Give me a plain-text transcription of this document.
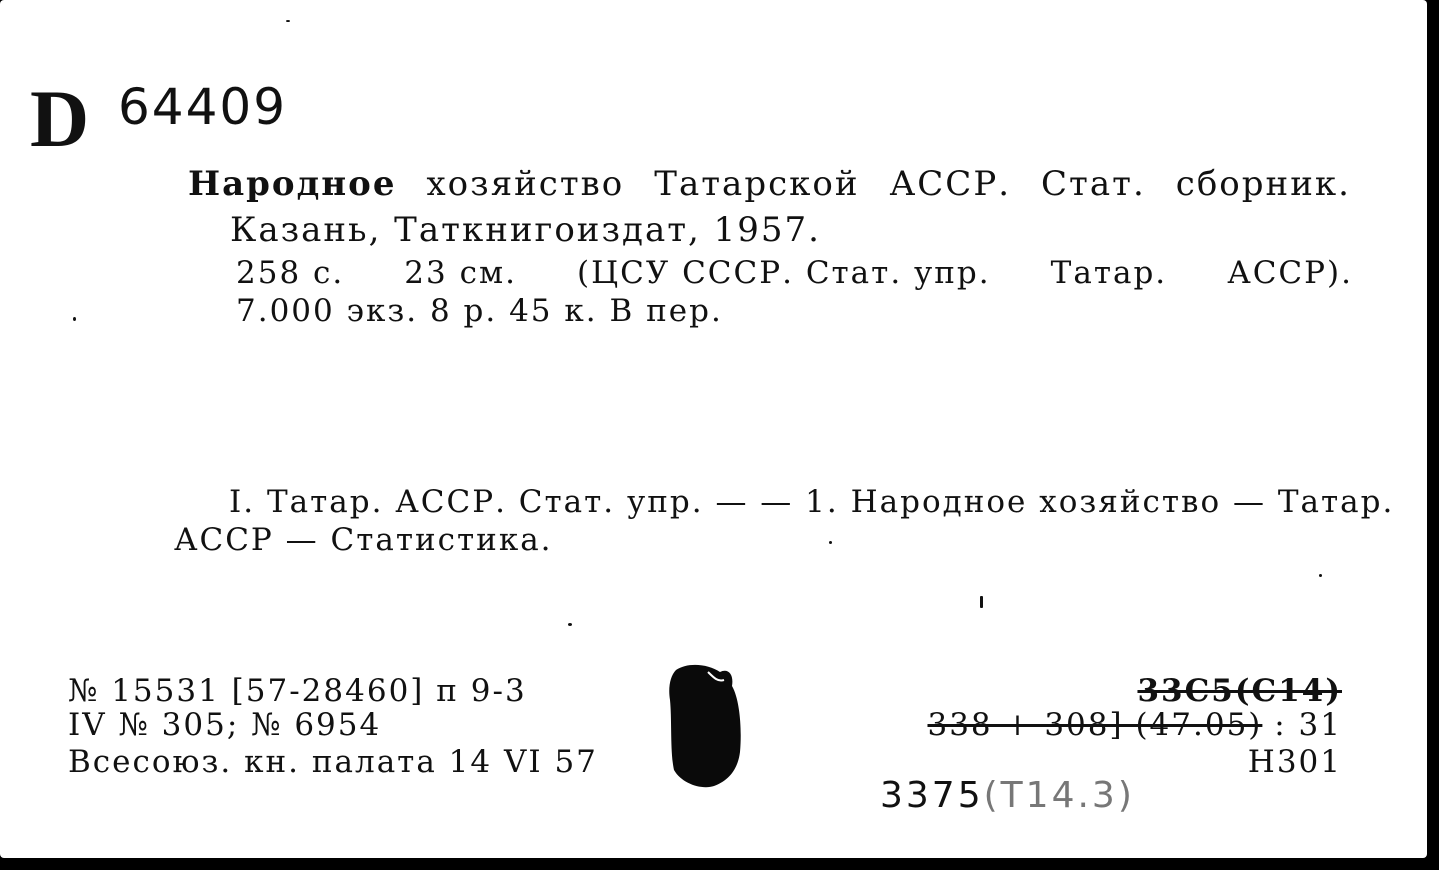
D 64409
Народное хозяйство Татарской АССР. Стат. сборник.
Казань, Таткнигоиздат, 1957.
258 с. 23 см. (ЦСУ СССР. Стат. упр. Татар. АССР).
7.000 экз. 8 р. 45 к. В пер.
I. Татар. АССР. Стат. упр. — — 1. Народное хозяйство — Татар.
АССР — Статистика.
№ 15531 [57-28460] п 9-3
IV № 305; № 6954
Всесоюз. кн. палата 14 VI 57
33С5(С14)
338 + 308] (47.05) : 31
Н301
3375(Т14.3)
